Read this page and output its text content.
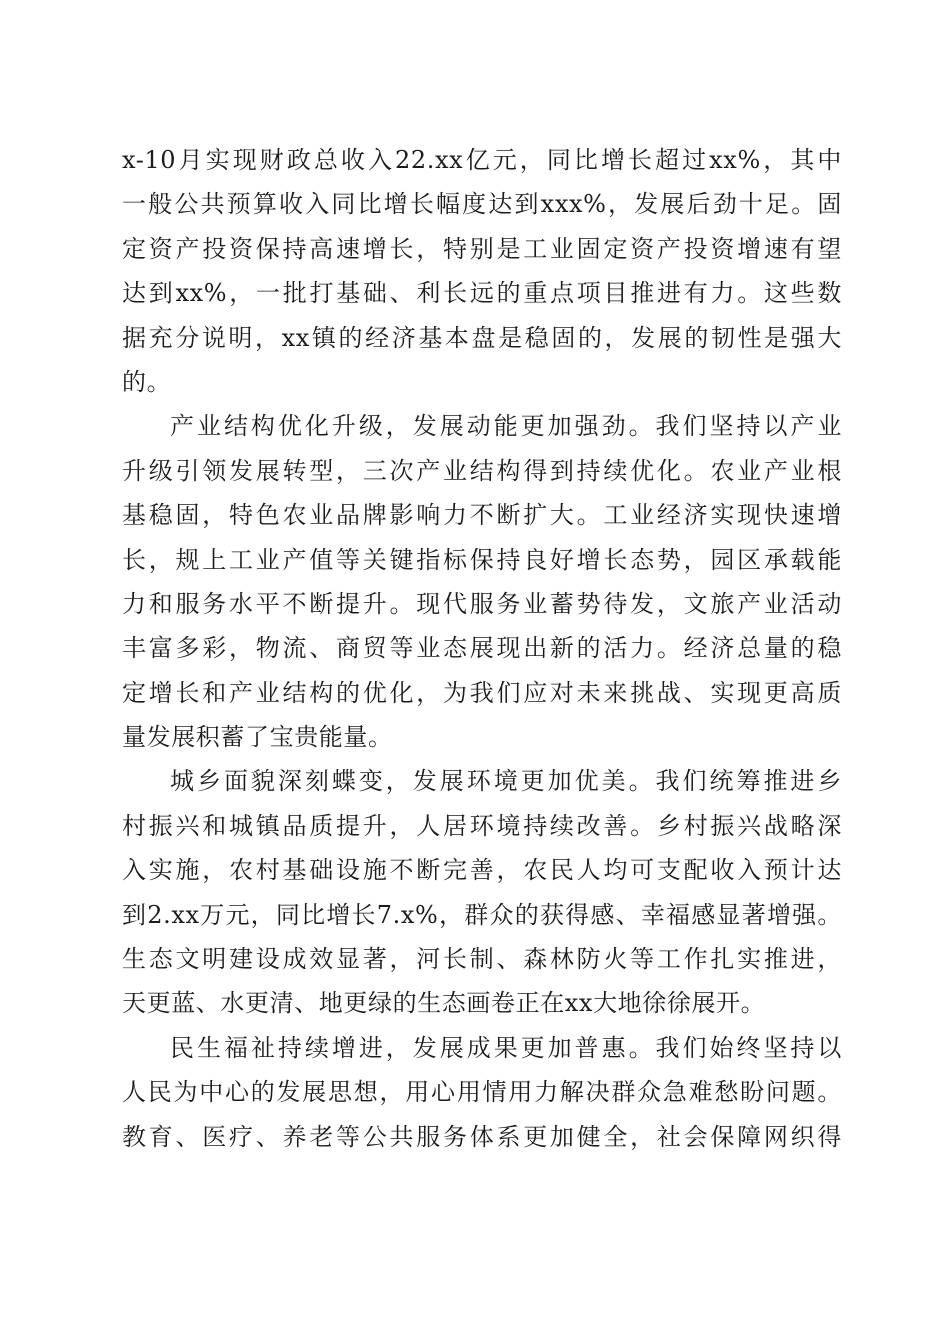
x-10月实现财政总收入22.xx亿元，同比增长超过xx%，其中
一般公共预算收入同比增长幅度达到xxx%，发展后劲十足。固
定资产投资保持高速增长，特别是工业固定资产投资增速有望
达到xx%，一批打基础、利长远的重点项目推进有力。这些数
据充分说明，xx镇的经济基本盘是稳固的，发展的韧性是强大
的。
产业结构优化升级，发展动能更加强劲。我们坚持以产业
升级引领发展转型，三次产业结构得到持续优化。农业产业根
基稳固，特色农业品牌影响力不断扩大。工业经济实现快速增
长，规上工业产值等关键指标保持良好增长态势，园区承载能
力和服务水平不断提升。现代服务业蓄势待发，文旅产业活动
丰富多彩，物流、商贸等业态展现出新的活力。经济总量的稳
定增长和产业结构的优化，为我们应对未来挑战、实现更高质
量发展积蓄了宝贵能量。
城乡面貌深刻蝶变，发展环境更加优美。我们统筹推进乡
村振兴和城镇品质提升，人居环境持续改善。乡村振兴战略深
入实施，农村基础设施不断完善，农民人均可支配收入预计达
到2.xx万元，同比增长7.x%，群众的获得感、幸福感显著增强。
生态文明建设成效显著，河长制、森林防火等工作扎实推进，
天更蓝、水更清、地更绿的生态画卷正在xx大地徐徐展开。
民生福祉持续增进，发展成果更加普惠。我们始终坚持以
人民为中心的发展思想，用心用情用力解决群众急难愁盼问题。
教育、医疗、养老等公共服务体系更加健全，社会保障网织得
